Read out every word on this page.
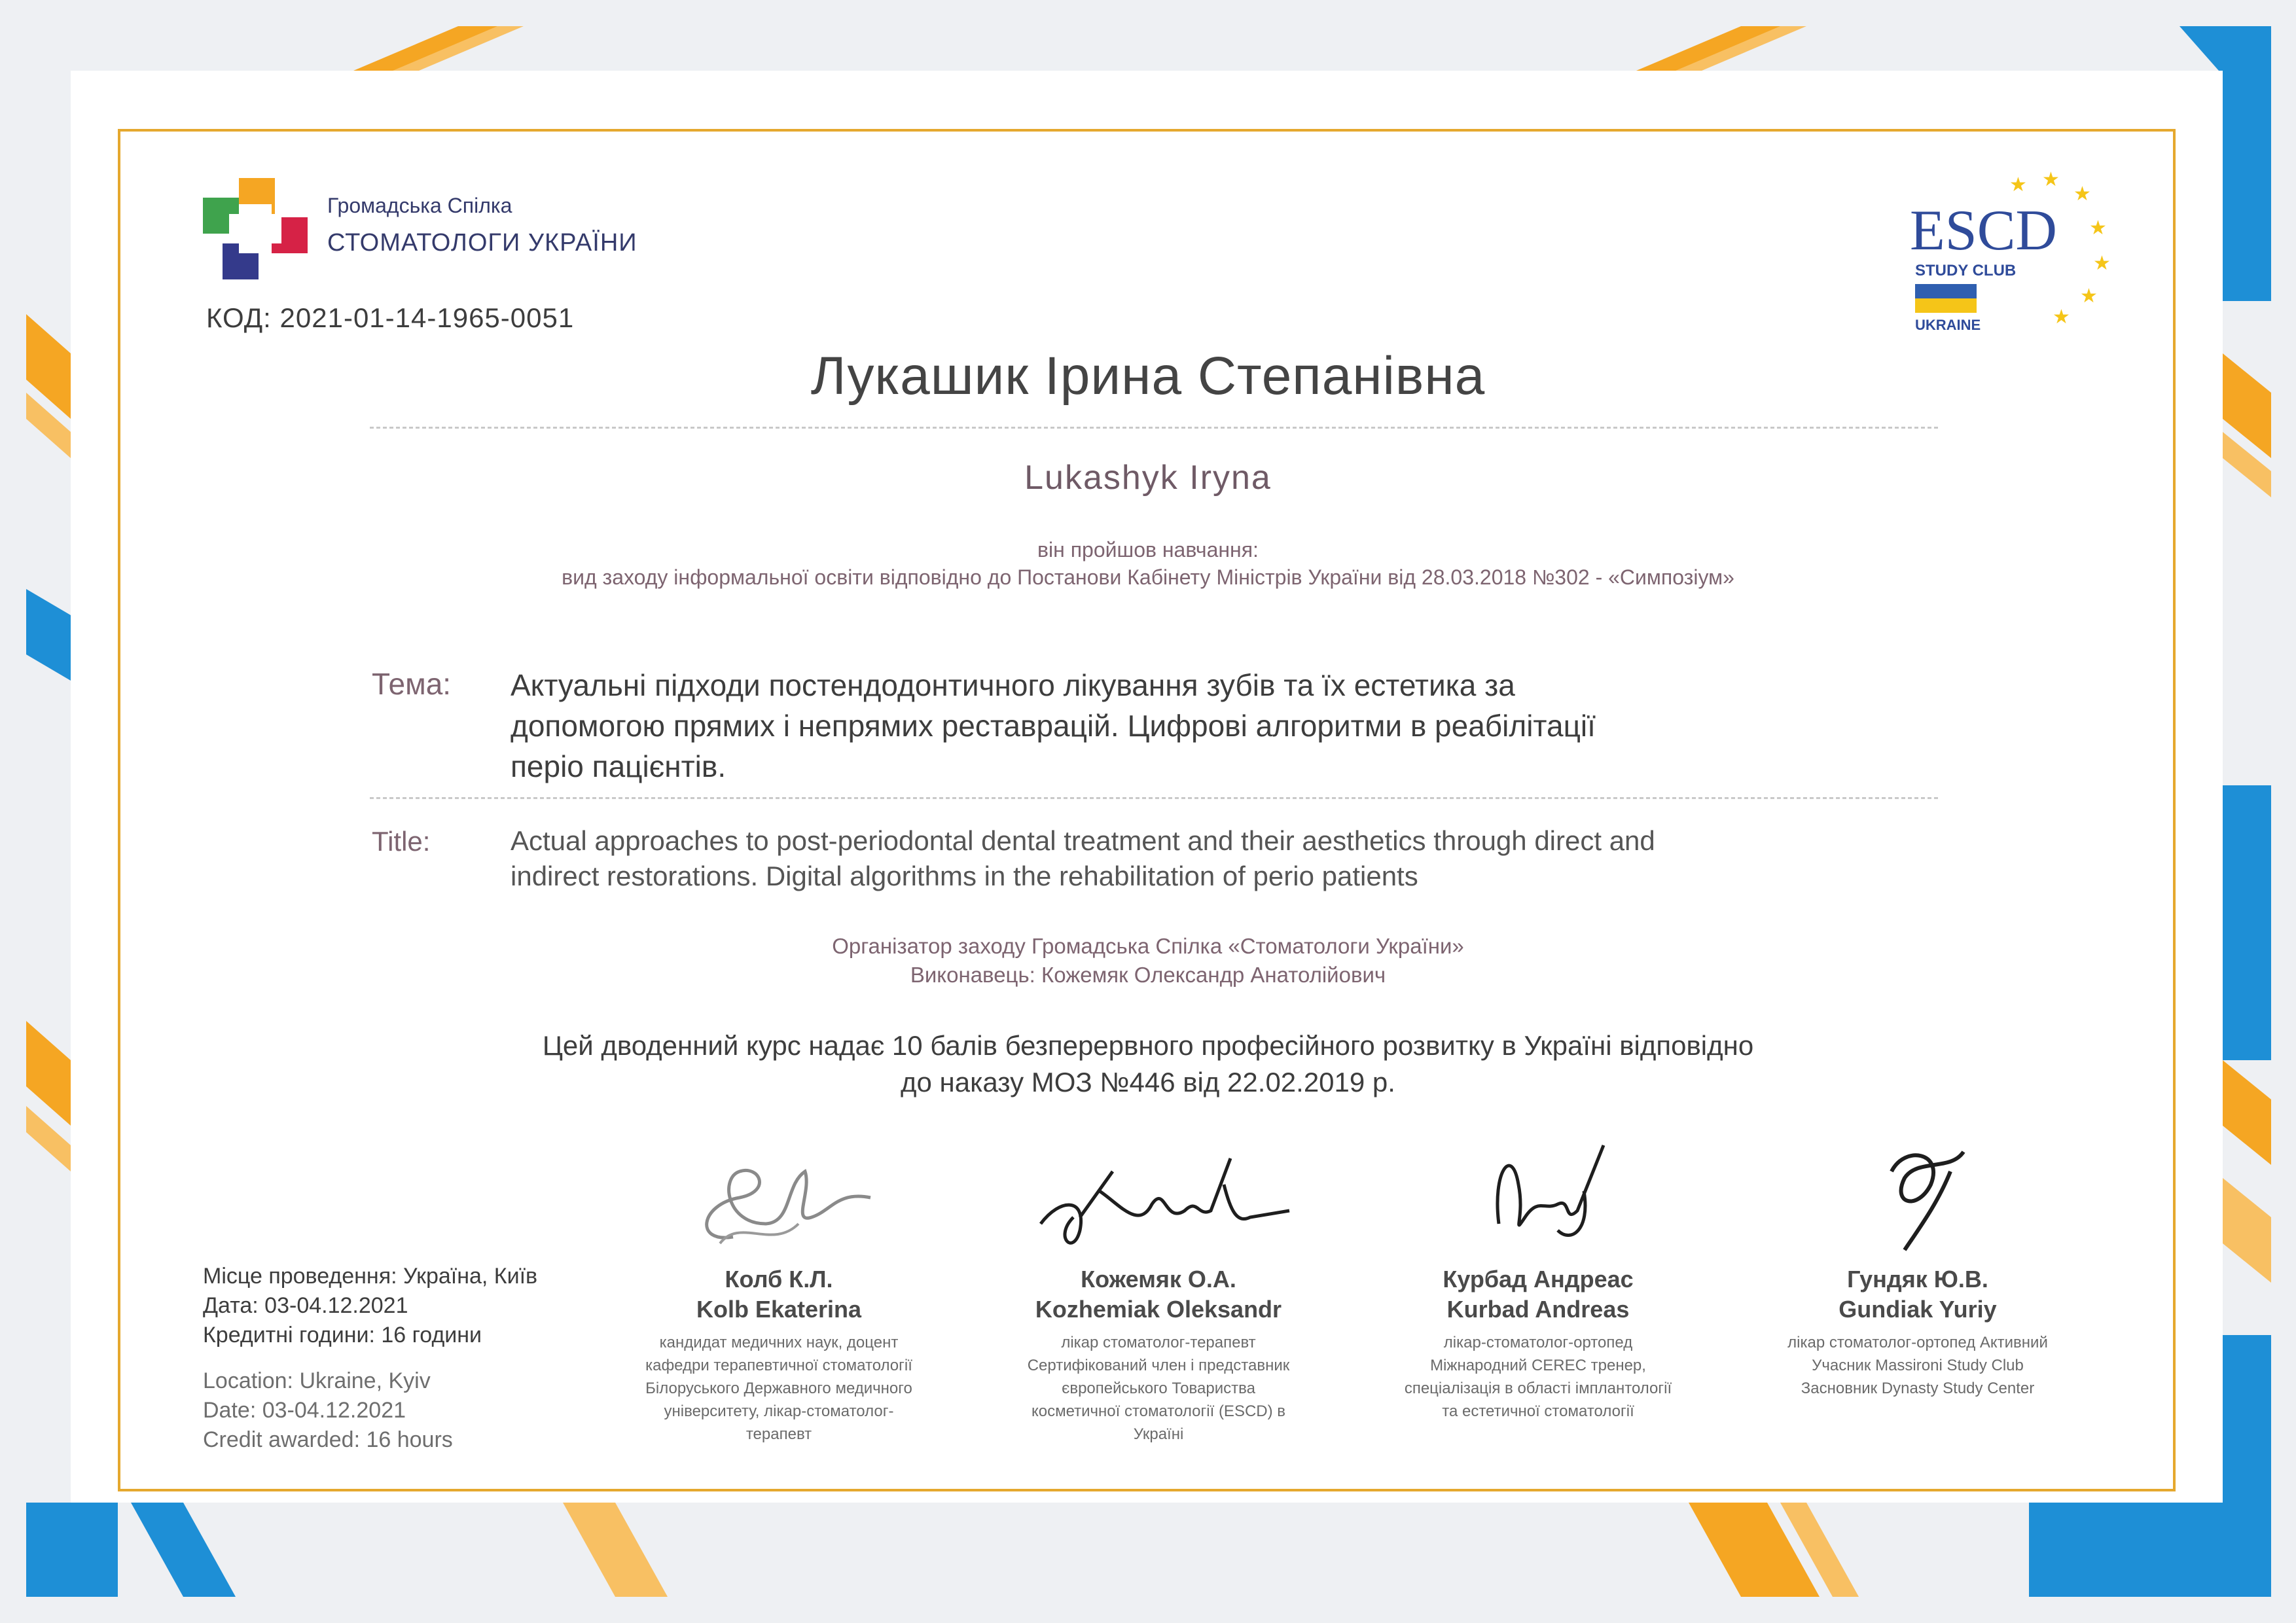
Громадська Спілка
СТОМАТОЛОГИ УКРАЇНИ
КОД: 2021-01-14-1965-0051
ESCD
STUDY CLUB
UKRAINE
★ ★
★
★
★
★
★
Лукашик Ірина Степанівна
Lukashyk Iryna
він пройшов навчання:
вид заходу інформальної освіти відповідно до Постанови Кабінету Міністрів України від 28.03.2018 №302 - «Симпозіум»
Тема: Актуальні підходи постендодонтичного лікування зубів та їх естетика за
допомогою прямих і непрямих реставрацій. Цифрові алгоритми в реабілітації
періо пацієнтів.
Title:	Actual approaches to post-periodontal dental treatment and their aesthetics through direct and
indirect restorations. Digital algorithms in the rehabilitation of perio patients
Організатор заходу Громадська Спілка «Стоматологи України»
Виконавець: Кожемяк Олександр Анатолійович
Цей дводенний курс надає 10 балів безперервного професійного розвитку в Україні відповідно
до наказу МОЗ №446 від 22.02.2019 р.
Місце проведення: Україна, Київ
Дата: 03-04.12.2021
Кредитні години: 16 години
Location: Ukraine, Kyiv
Date: 03-04.12.2021
Credit awarded: 16 hours
Колб К.Л.
Kolb Ekaterina
кандидат медичних наук, доцент
кафедри терапевтичної стоматології
Білоруського Державного медичного
університету, лікар-стоматолог-
терапевт
Кожемяк О.А.
Kozhemiak Oleksandr
лікар стоматолог-терапевт
Сертифікований член і представник
європейського Товариства
косметичної стоматології (ESCD) в
Україні
Курбад Андреас
Kurbad Andreas
лікар-стоматолог-ортопед
Міжнародний CEREC тренер,
спеціалізація в області імплантології
та естетичної стоматології
Гундяк Ю.В.
Gundiak Yuriy
лікар стоматолог-ортопед Активний
Учасник Massironi Study Club
Засновник Dynasty Study Center
